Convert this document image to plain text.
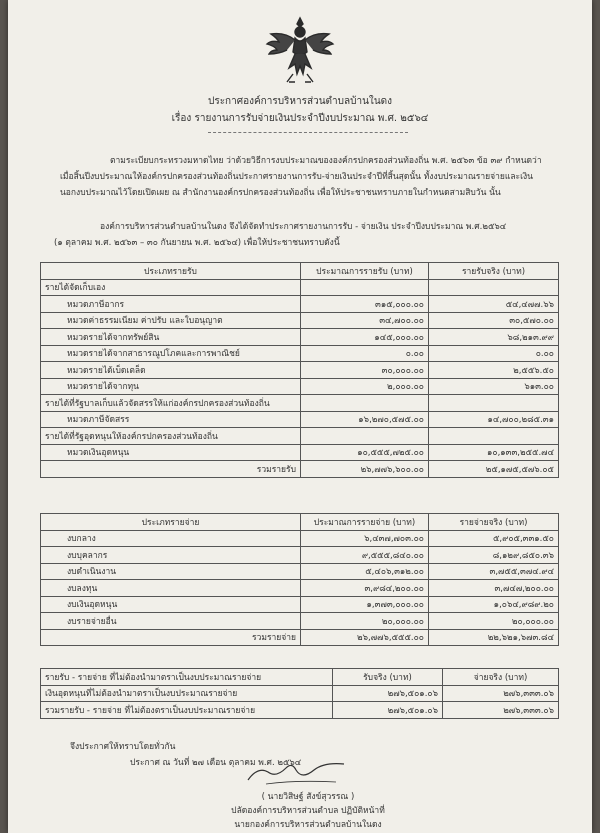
ประกาศองค์การบริหารส่วนตำบลบ้านในดง
เรื่อง รายงานการรับจ่ายเงินประจำปีงบประมาณ พ.ศ. ๒๕๖๔
ตามระเบียบกระทรวงมหาดไทย ว่าด้วยวิธีการงบประมาณขององค์กรปกครองส่วนท้องถิ่น พ.ศ. ๒๕๖๓ ข้อ ๓๙ กำหนดว่า
เมื่อสิ้นปีงบประมาณให้องค์กรปกครองส่วนท้องถิ่นประกาศรายงานการรับ-จ่ายเงินประจำปีที่สิ้นสุดนั้น ทั้งงบประมาณรายจ่ายและเงิน
นอกงบประมาณไว้โดยเปิดเผย ณ สำนักงานองค์กรปกครองส่วนท้องถิ่น เพื่อให้ประชาชนทราบภายในกำหนดสามสิบวัน นั้น
องค์การบริหารส่วนตำบลบ้านในดง จึงได้จัดทำประกาศรายงานการรับ - จ่ายเงิน ประจำปีงบประมาณ พ.ศ.๒๕๖๔
(๑ ตุลาคม พ.ศ. ๒๕๖๓ – ๓๐ กันยายน พ.ศ. ๒๕๖๔) เพื่อให้ประชาชนทราบดังนี้
ประเภทรายรับ	ประมาณการรายรับ (บาท)	รายรับจริง (บาท)
รายได้จัดเก็บเอง		
หมวดภาษีอากร	๓๑๕,๐๐๐.๐๐	๕๔,๔๗๗.๖๖
หมวดค่าธรรมเนียม ค่าปรับ และใบอนุญาต	๓๔,๗๐๐.๐๐	๓๐,๕๗๐.๐๐
หมวดรายได้จากทรัพย์สิน	๑๔๕,๐๐๐.๐๐	๖๘,๒๑๓.๙๙
หมวดรายได้จากสาธารณูปโภคและการพาณิชย์	๐.๐๐	๐.๐๐
หมวดรายได้เบ็ดเตล็ด	๓๐,๐๐๐.๐๐	๒,๕๕๖.๕๐
หมวดรายได้จากทุน	๒,๐๐๐.๐๐	๖๑๓.๐๐
รายได้ที่รัฐบาลเก็บแล้วจัดสรรให้แก่องค์กรปกครองส่วนท้องถิ่น		
หมวดภาษีจัดสรร	๑๖,๒๗๐,๕๗๕.๐๐	๑๔,๗๐๐,๒๘๕.๓๑
รายได้ที่รัฐอุดหนุนให้องค์กรปกครองส่วนท้องถิ่น		
หมวดเงินอุดหนุน	๑๐,๕๕๕,๗๒๕.๐๐	๑๐,๑๓๓,๒๕๕.๗๔
รวมรายรับ	๒๖,๗๗๖,๖๐๐.๐๐	๒๕,๑๗๕,๕๗๖.๐๕
ประเภทรายจ่าย	ประมาณการรายจ่าย (บาท)	รายจ่ายจริง (บาท)
งบกลาง	๖,๔๓๗,๗๐๓.๐๐	๕,๙๐๕,๓๓๑.๕๐
งบบุคลากร	๙,๕๕๕,๘๔๐.๐๐	๘,๑๒๙,๘๕๐.๓๖
งบดำเนินงาน	๕,๔๐๖,๓๑๒.๐๐	๓,๗๕๕,๓๗๔.๙๔
งบลงทุน	๓,๙๘๔,๒๐๐.๐๐	๓,๗๔๗,๒๐๐.๐๐
งบเงินอุดหนุน	๑,๓๗๓,๐๐๐.๐๐	๑,๐๖๔,๙๘๙.๒๐
งบรายจ่ายอื่น	๒๐,๐๐๐.๐๐	๒๐,๐๐๐.๐๐
รวมรายจ่าย	๒๖,๗๗๖,๕๕๕.๐๐	๒๒,๖๒๑,๖๗๓.๘๔
รายรับ - รายจ่าย ที่ไม่ต้องนำมาตราเป็นงบประมาณรายจ่าย	รับจริง (บาท)	จ่ายจริง (บาท)
เงินอุดหนุนที่ไม่ต้องนำมาตราเป็นงบประมาณรายจ่าย	๒๗๖,๕๐๑.๐๖	๒๗๖,๓๓๓.๐๖
รวมรายรับ - รายจ่าย ที่ไม่ต้องตราเป็นงบประมาณรายจ่าย	๒๗๖,๕๐๑.๐๖	๒๗๖,๓๓๓.๐๖
จึงประกาศให้ทราบโดยทั่วกัน
ประกาศ ณ วันที่ ๒๗ เดือน ตุลาคม พ.ศ. ๒๕๖๔
( นายวิสิษฐ์ สังข์สุวรรณ )
ปลัดองค์การบริหารส่วนตำบล ปฏิบัติหน้าที่
นายกองค์การบริหารส่วนตำบลบ้านในดง
